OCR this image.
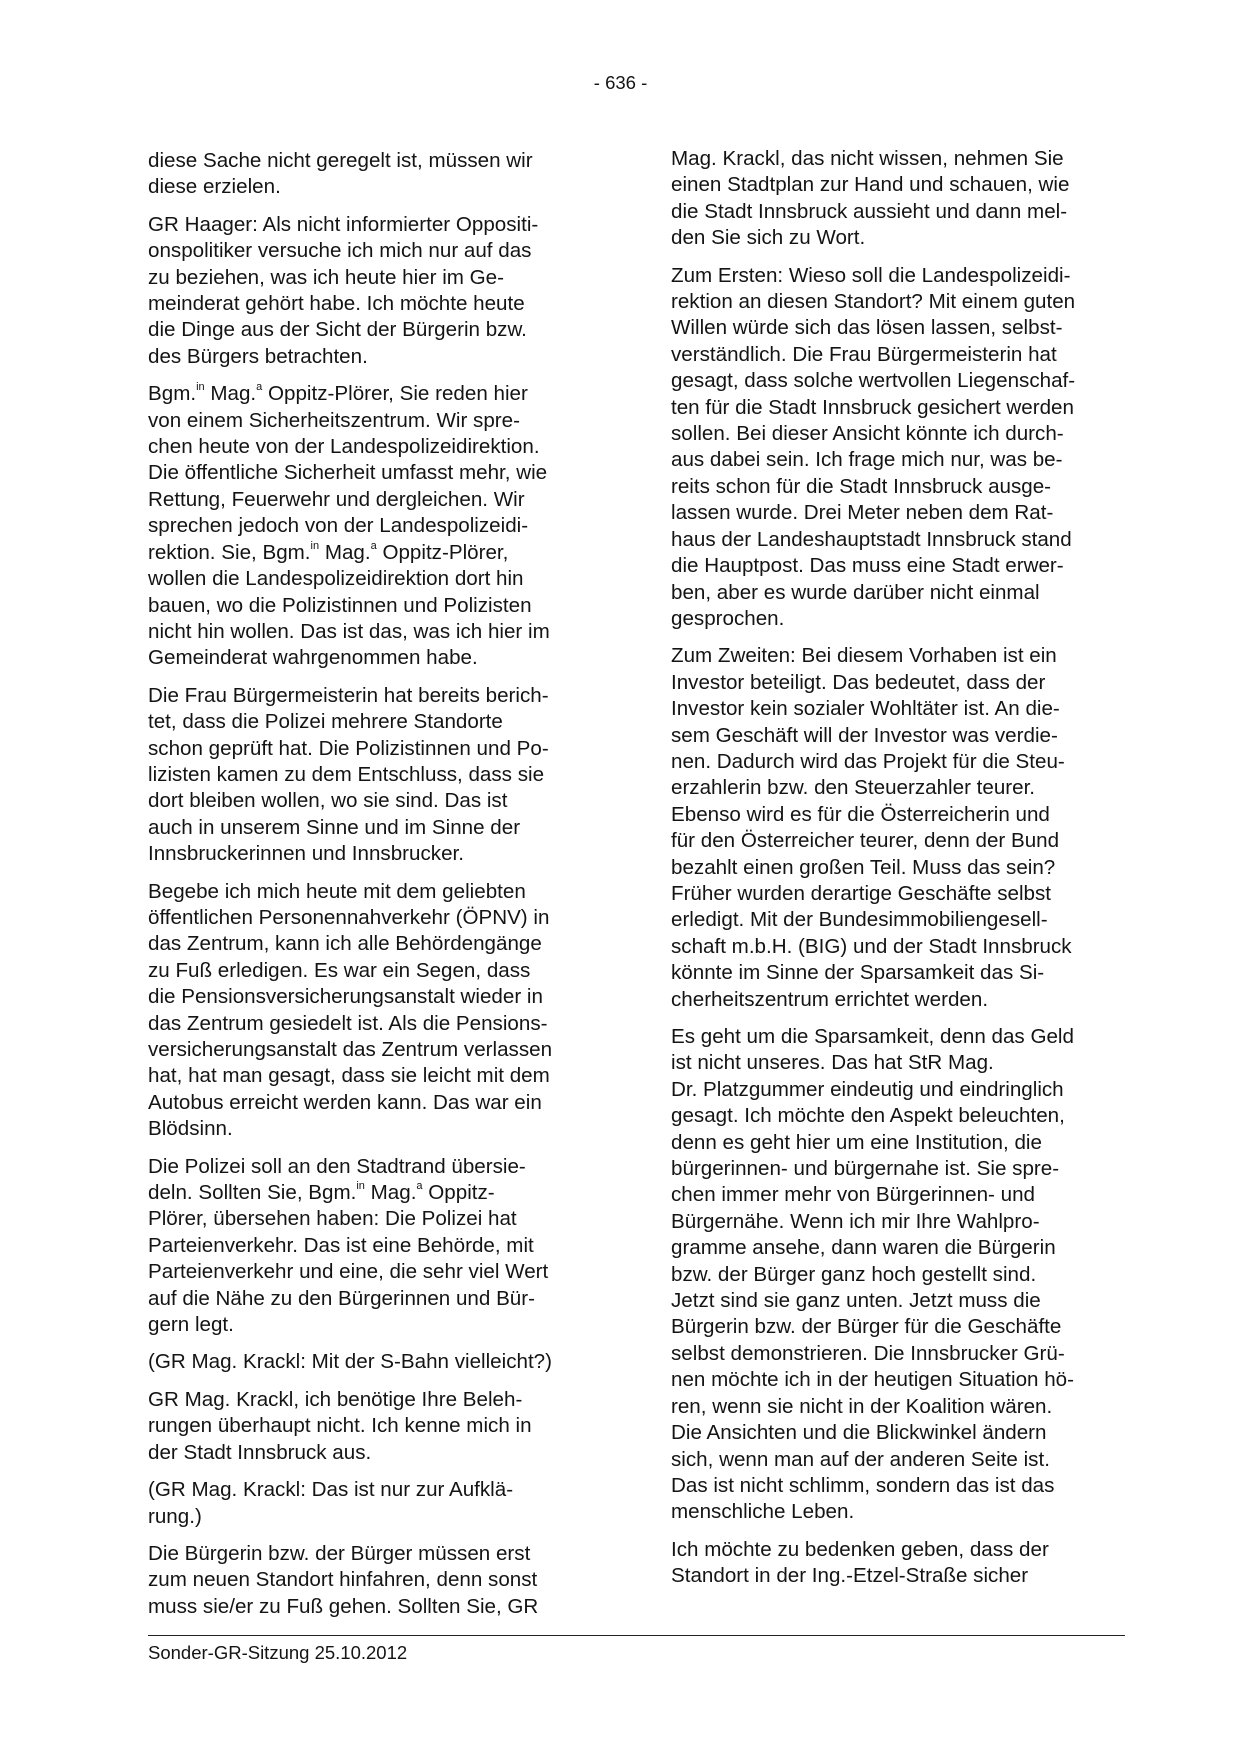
- 636 -

diese Sache nicht geregelt ist, müssen wir
diese erzielen.

GR Haager: Als nicht informierter Oppositi-
onspolitiker versuche ich mich nur auf das
zu beziehen, was ich heute hier im Ge-
meinderat gehört habe. Ich möchte heute
die Dinge aus der Sicht der Bürgerin bzw.
des Bürgers betrachten.

Bgm.$^{in}$ Mag.$^a$ Oppitz-Plörer, Sie reden hier
von einem Sicherheitszentrum. Wir spre-
chen heute von der Landespolizeidirektion.
Die öffentliche Sicherheit umfasst mehr, wie
Rettung, Feuerwehr und dergleichen. Wir
sprechen jedoch von der Landespolizeidi-
rektion. Sie, Bgm.$^{in}$ Mag.$^a$ Oppitz-Plörer,
wollen die Landespolizeidirektion dort hin
bauen, wo die Polizistinnen und Polizisten
nicht hin wollen. Das ist das, was ich hier im
Gemeinderat wahrgenommen habe.

Die Frau Bürgermeisterin hat bereits berich-
tet, dass die Polizei mehrere Standorte
schon geprüft hat. Die Polizistinnen und Po-
lizisten kamen zu dem Entschluss, dass sie
dort bleiben wollen, wo sie sind. Das ist
auch in unserem Sinne und im Sinne der
Innsbruckerinnen und Innsbrucker.

Begebe ich mich heute mit dem geliebten
öffentlichen Personennahverkehr (ÖPNV) in
das Zentrum, kann ich alle Behördengänge
zu Fuß erledigen. Es war ein Segen, dass
die Pensionsversicherungsanstalt wieder in
das Zentrum gesiedelt ist. Als die Pensions-
versicherungsanstalt das Zentrum verlassen
hat, hat man gesagt, dass sie leicht mit dem
Autobus erreicht werden kann. Das war ein
Blödsinn.

Die Polizei soll an den Stadtrand übersie-
deln. Sollten Sie, Bgm.$^{in}$ Mag.$^a$ Oppitz-
Plörer, übersehen haben: Die Polizei hat
Parteienverkehr. Das ist eine Behörde, mit
Parteienverkehr und eine, die sehr viel Wert
auf die Nähe zu den Bürgerinnen und Bür-
gern legt.

(GR Mag. Krackl: Mit der S-Bahn vielleicht?)

GR Mag. Krackl, ich benötige Ihre Beleh-
rungen überhaupt nicht. Ich kenne mich in
der Stadt Innsbruck aus.

(GR Mag. Krackl: Das ist nur zur Aufklä-
rung.)

Die Bürgerin bzw. der Bürger müssen erst
zum neuen Standort hinfahren, denn sonst
muss sie/er zu Fuß gehen. Sollten Sie, GR

Mag. Krackl, das nicht wissen, nehmen Sie
einen Stadtplan zur Hand und schauen, wie
die Stadt Innsbruck aussieht und dann mel-
den Sie sich zu Wort.

Zum Ersten: Wieso soll die Landespolizeidi-
rektion an diesen Standort? Mit einem guten
Willen würde sich das lösen lassen, selbst-
verständlich. Die Frau Bürgermeisterin hat
gesagt, dass solche wertvollen Liegenschaf-
ten für die Stadt Innsbruck gesichert werden
sollen. Bei dieser Ansicht könnte ich durch-
aus dabei sein. Ich frage mich nur, was be-
reits schon für die Stadt Innsbruck ausge-
lassen wurde. Drei Meter neben dem Rat-
haus der Landeshauptstadt Innsbruck stand
die Hauptpost. Das muss eine Stadt erwer-
ben, aber es wurde darüber nicht einmal
gesprochen.

Zum Zweiten: Bei diesem Vorhaben ist ein
Investor beteiligt. Das bedeutet, dass der
Investor kein sozialer Wohltäter ist. An die-
sem Geschäft will der Investor was verdie-
nen. Dadurch wird das Projekt für die Steu-
erzahlerin bzw. den Steuerzahler teurer.
Ebenso wird es für die Österreicherin und
für den Österreicher teurer, denn der Bund
bezahlt einen großen Teil. Muss das sein?
Früher wurden derartige Geschäfte selbst
erledigt. Mit der Bundesimmobiliengesell-
schaft m.b.H. (BIG) und der Stadt Innsbruck
könnte im Sinne der Sparsamkeit das Si-
cherheitszentrum errichtet werden.

Es geht um die Sparsamkeit, denn das Geld
ist nicht unseres. Das hat StR Mag.
Dr. Platzgummer eindeutig und eindringlich
gesagt. Ich möchte den Aspekt beleuchten,
denn es geht hier um eine Institution, die
bürgerinnen- und bürgernahe ist. Sie spre-
chen immer mehr von Bürgerinnen- und
Bürgernähe. Wenn ich mir Ihre Wahlpro-
gramme ansehe, dann waren die Bürgerin
bzw. der Bürger ganz hoch gestellt sind.
Jetzt sind sie ganz unten. Jetzt muss die
Bürgerin bzw. der Bürger für die Geschäfte
selbst demonstrieren. Die Innsbrucker Grü-
nen möchte ich in der heutigen Situation hö-
ren, wenn sie nicht in der Koalition wären.
Die Ansichten und die Blickwinkel ändern
sich, wenn man auf der anderen Seite ist.
Das ist nicht schlimm, sondern das ist das
menschliche Leben.

Ich möchte zu bedenken geben, dass der
Standort in der Ing.-Etzel-Straße sicher

Sonder-GR-Sitzung 25.10.2012
